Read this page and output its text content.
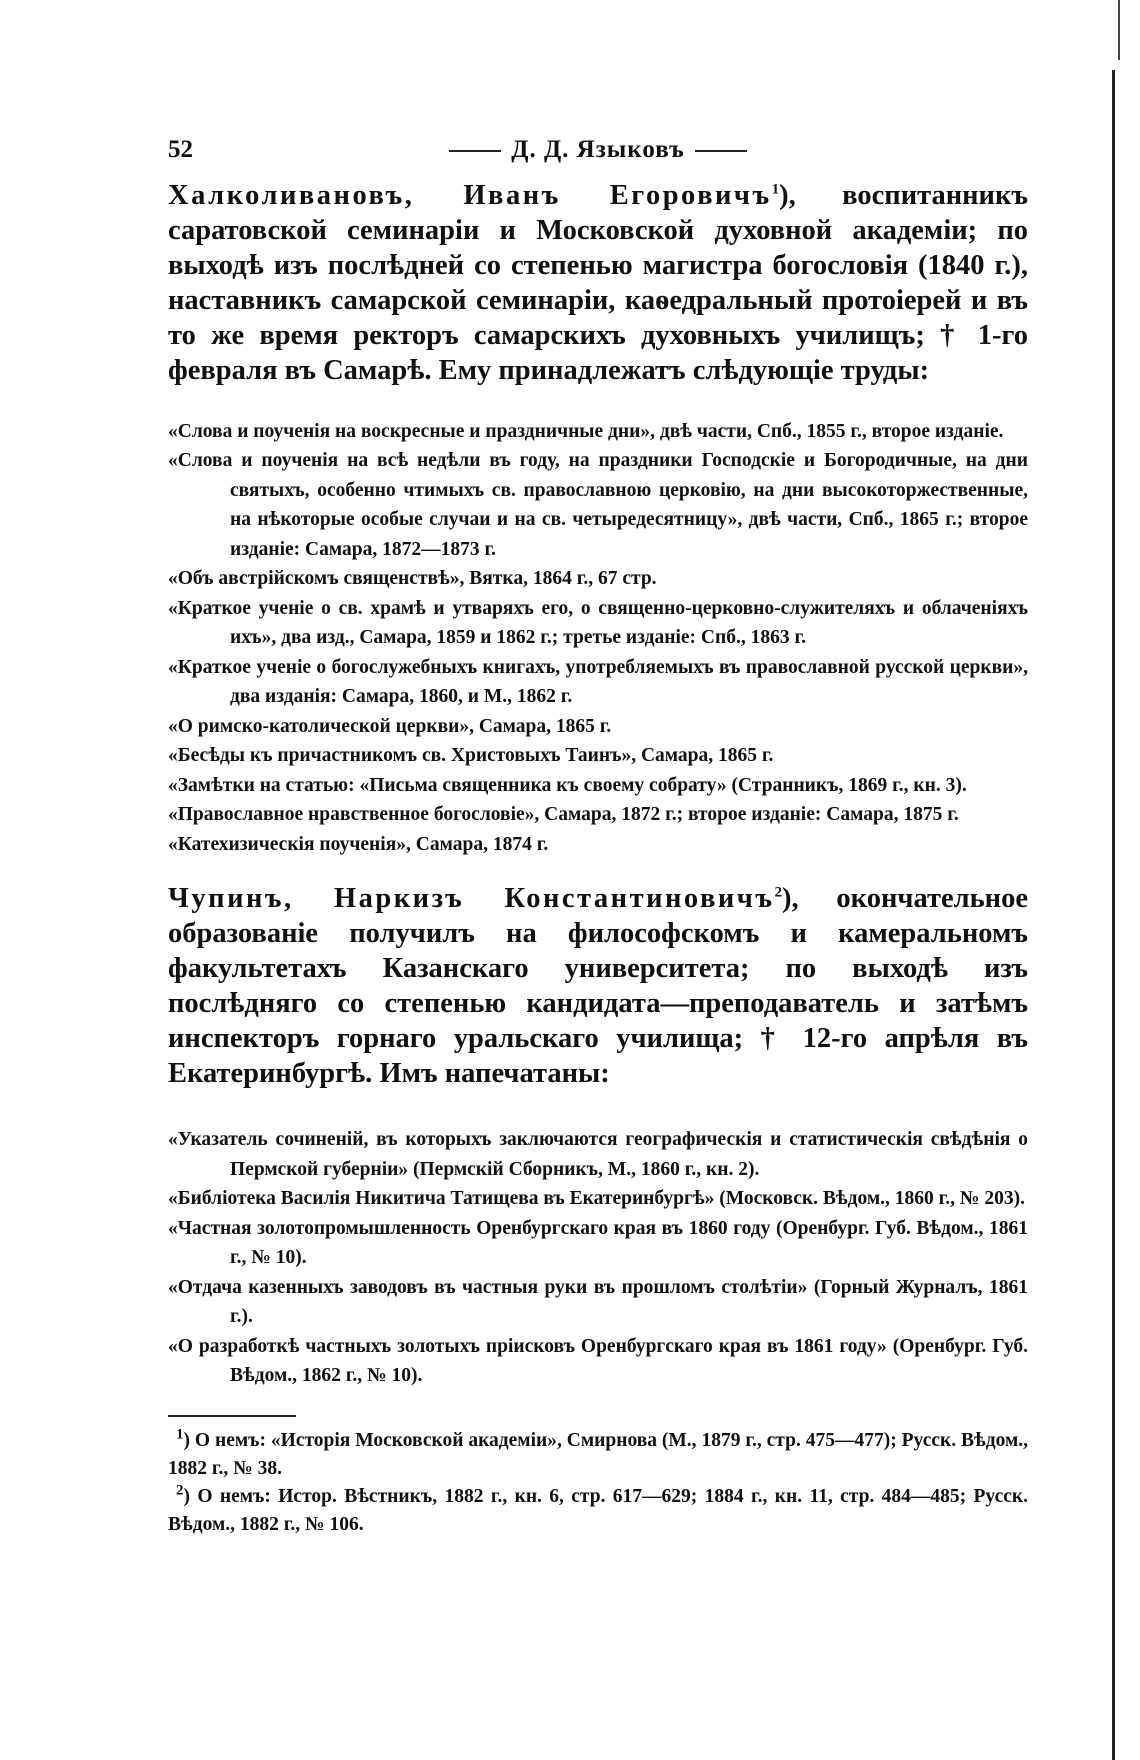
52	Д. Д. Языковъ

Халколивановъ, Иванъ Егоровичъ$^1$), воспитанникъ саратовской семинаріи и Московской духовной академіи; по выходѣ изъ послѣдней со степенью магистра богословія (1840 г.), наставникъ самарской семинаріи, каѳедральный протоіерей и въ то же время ректоръ самарскихъ духовныхъ училищъ; † 1-го февраля въ Самарѣ. Ему принадлежатъ слѣдующіе труды:

«Слова и поученія на воскресные и праздничные дни», двѣ части, Спб., 1855 г., второе изданіе.

«Слова и поученія на всѣ недѣли въ году, на праздники Господскіе и Богородичные, на дни святыхъ, особенно чтимыхъ св. православною церковію, на дни высокоторжественные, на нѣкоторые особые случаи и на св. четыредесятницу», двѣ части, Спб., 1865 г.; второе изданіе: Самара, 1872—1873 г.

«Объ австрійскомъ священствѣ», Вятка, 1864 г., 67 стр.

«Краткое ученіе о св. храмѣ и утваряхъ его, о священно-церковно-служителяхъ и облаченіяхъ ихъ», два изд., Самара, 1859 и 1862 г.; третье изданіе: Спб., 1863 г.

«Краткое ученіе о богослужебныхъ книгахъ, употребляемыхъ въ православной русской церкви», два изданія: Самара, 1860, и М., 1862 г.

«О римско-католической церкви», Самара, 1865 г.

«Бесѣды къ причастникомъ св. Христовыхъ Таинъ», Самара, 1865 г.

«Замѣтки на статью: «Письма священника къ своему собрату» (Странникъ, 1869 г., кн. 3).

«Православное нравственное богословіе», Самара, 1872 г.; второе изданіе: Самара, 1875 г.

«Катехизическія поученія», Самара, 1874 г.

Чупинъ, Наркизъ Константиновичъ$^2$), окончательное образованіе получилъ на философскомъ и камеральномъ факультетахъ Казанскаго университета; по выходѣ изъ послѣдняго со степенью кандидата—преподаватель и затѣмъ инспекторъ горнаго уральскаго училища; † 12-го апрѣля въ Екатеринбургѣ. Имъ напечатаны:

«Указатель сочиненій, въ которыхъ заключаются географическія и статистическія свѣдѣнія о Пермской губерніи» (Пермскій Сборникъ, М., 1860 г., кн. 2).

«Библіотека Василія Никитича Татищева въ Екатеринбургѣ» (Московск. Вѣдом., 1860 г., № 203).

«Частная золотопромышленность Оренбургскаго края въ 1860 году (Оренбург. Губ. Вѣдом., 1861 г., № 10).

«Отдача казенныхъ заводовъ въ частныя руки въ прошломъ столѣтіи» (Горный Журналъ, 1861 г.).

«О разработкѣ частныхъ золотыхъ пріисковъ Оренбургскаго края въ 1861 году» (Оренбург. Губ. Вѣдом., 1862 г., № 10).

$^1$) О немъ: «Исторія Московской академіи», Смирнова (М., 1879 г., стр. 475—477); Русск. Вѣдом., 1882 г., № 38.

$^2$) О немъ: Истор. Вѣстникъ, 1882 г., кн. 6, стр. 617—629; 1884 г., кн. 11, стр. 484—485; Русск. Вѣдом., 1882 г., № 106.
